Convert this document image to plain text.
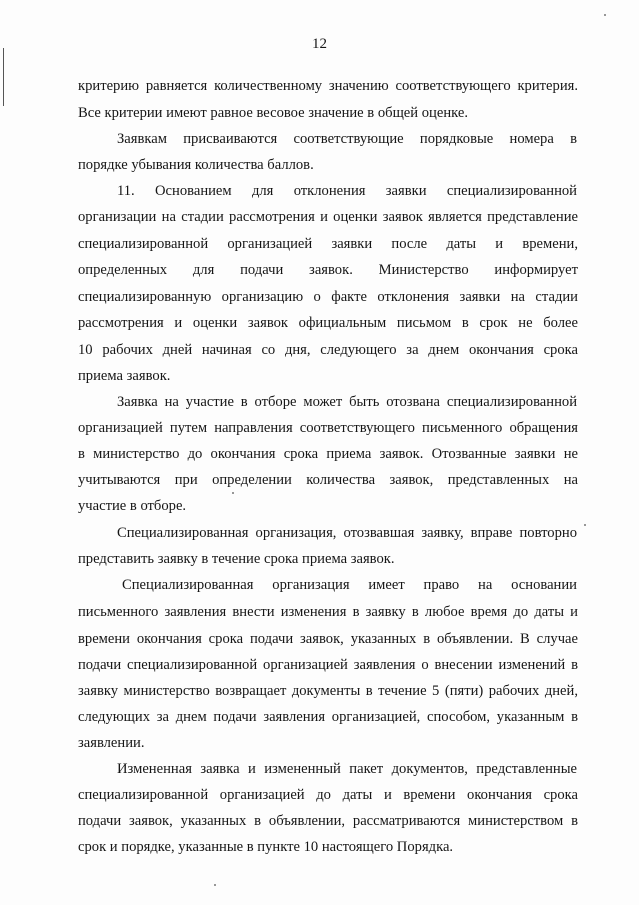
12
критерию равняется количественному значению соответствующего критерия.
Все критерии имеют равное весовое значение в общей оценке.
Заявкам присваиваются соответствующие порядковые номера в
порядке убывания количества баллов.
11. Основанием для отклонения заявки специализированной
организации на стадии рассмотрения и оценки заявок является представление
специализированной организацией заявки после даты и времени,
определенных для подачи заявок. Министерство информирует
специализированную организацию о факте отклонения заявки на стадии
рассмотрения и оценки заявок официальным письмом в срок не более
10 рабочих дней начиная со дня, следующего за днем окончания срока
приема заявок.
Заявка на участие в отборе может быть отозвана специализированной
организацией путем направления соответствующего письменного обращения
в министерство до окончания срока приема заявок. Отозванные заявки не
учитываются при определении количества заявок, представленных на
участие в отборе.
Специализированная организация, отозвавшая заявку, вправе повторно
представить заявку в течение срока приема заявок.
Специализированная организация имеет право на основании
письменного заявления внести изменения в заявку в любое время до даты и
времени окончания срока подачи заявок, указанных в объявлении. В случае
подачи специализированной организацией заявления о внесении изменений в
заявку министерство возвращает документы в течение 5 (пяти) рабочих дней,
следующих за днем подачи заявления организацией, способом, указанным в
заявлении.
Измененная заявка и измененный пакет документов, представленные
специализированной организацией до даты и времени окончания срока
подачи заявок, указанных в объявлении, рассматриваются министерством в
срок и порядке, указанные в пункте 10 настоящего Порядка.
